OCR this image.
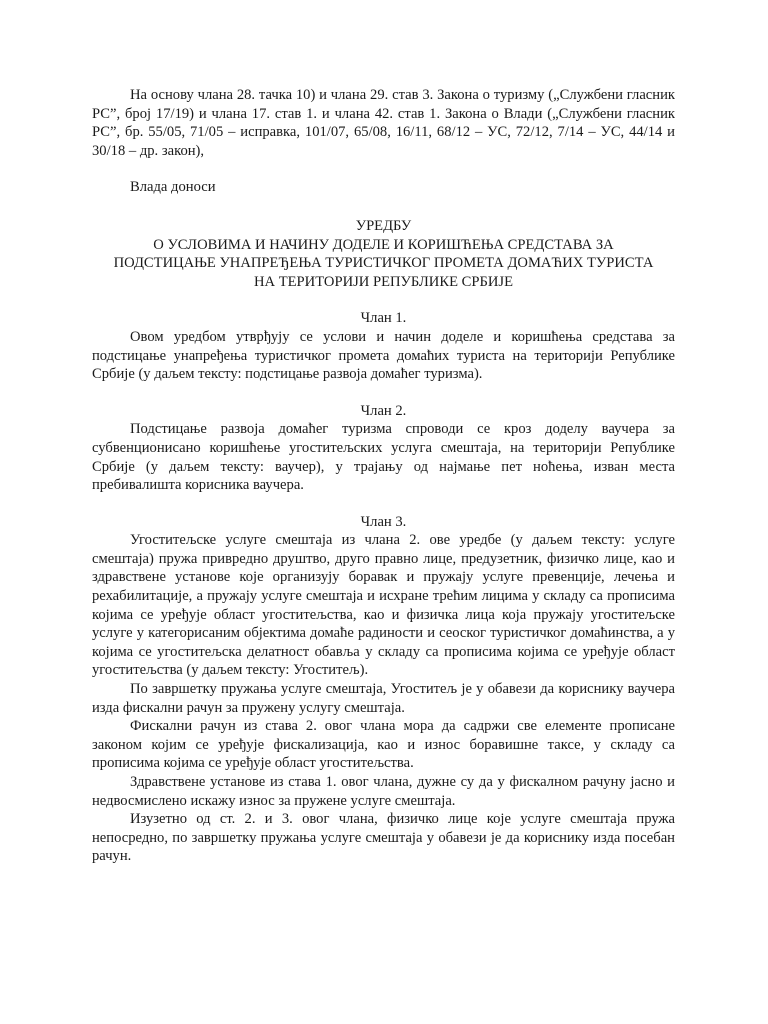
На основу члана 28. тачка 10) и члана 29. став 3. Закона о туризму („Службени гласник РС”, број 17/19) и члана 17. став 1. и члана 42. став 1. Закона о Влади („Службени гласник РС”, бр. 55/05, 71/05 – исправка, 101/07, 65/08, 16/11, 68/12 – УС, 72/12, 7/14 – УС, 44/14 и 30/18 – др. закон),

Влада доноси

УРЕДБУ

О УСЛОВИМА И НАЧИНУ ДОДЕЛЕ И КОРИШЋЕЊА СРЕДСТАВА ЗА

ПОДСТИЦАЊЕ УНАПРЕЂЕЊА ТУРИСТИЧКОГ ПРОМЕТА ДОМАЋИХ ТУРИСТА

НА ТЕРИТОРИЈИ РЕПУБЛИКЕ СРБИЈЕ

Члан 1.

Овом уредбом утврђују се услови и начин доделе и коришћења средстава за подстицање унапређења туристичког промета домаћих туриста на територији Републике Србије (у даљем тексту: подстицање развоја домаћег туризма).

Члан 2.

Подстицање развоја домаћег туризма спроводи се кроз доделу ваучера за субвенционисано коришћење угоститељских услуга смештаја, на територији Републике Србије (у даљем тексту: ваучер), у трајању од најмање пет ноћења, изван места пребивалишта корисника ваучера.

Члан 3.

Угоститељске услуге смештаја из члана 2. ове уредбе (у даљем тексту: услуге смештаја) пружа привредно друштво, друго правно лице, предузетник, физичко лице, као и здравствене установе које организују боравак и пружају услуге превенције, лечења и рехабилитације, а пружају услуге смештаја и исхране трећим лицима у складу са прописима којима се уређује област угоститељства, као и физичка лица која пружају угоститељске услуге у категорисаним објектима домаће радиности и сеоског туристичког домаћинства, а у којима се угоститељска делатност обавља у складу са прописима којима се уређује област угоститељства (у даљем тексту: Угоститељ).

По завршетку пружања услуге смештаја, Угоститељ је у обавези да кориснику ваучера изда фискални рачун за пружену услугу смештаја.

Фискални рачун из става 2. овог члана мора да садржи све елементе прописане законом којим се уређује фискализација, као и износ боравишне таксе, у складу са прописима којима се уређује област угоститељства.

Здравствене установе из става 1. овог члана, дужне су да у фискалном рачуну јасно и недвосмислено искажу износ за пружене услуге смештаја.

Изузетно од ст. 2. и 3. овог члана, физичко лице које услуге смештаја пружа непосредно, по завршетку пружања услуге смештаја у обавези је да кориснику изда посебан рачун.
